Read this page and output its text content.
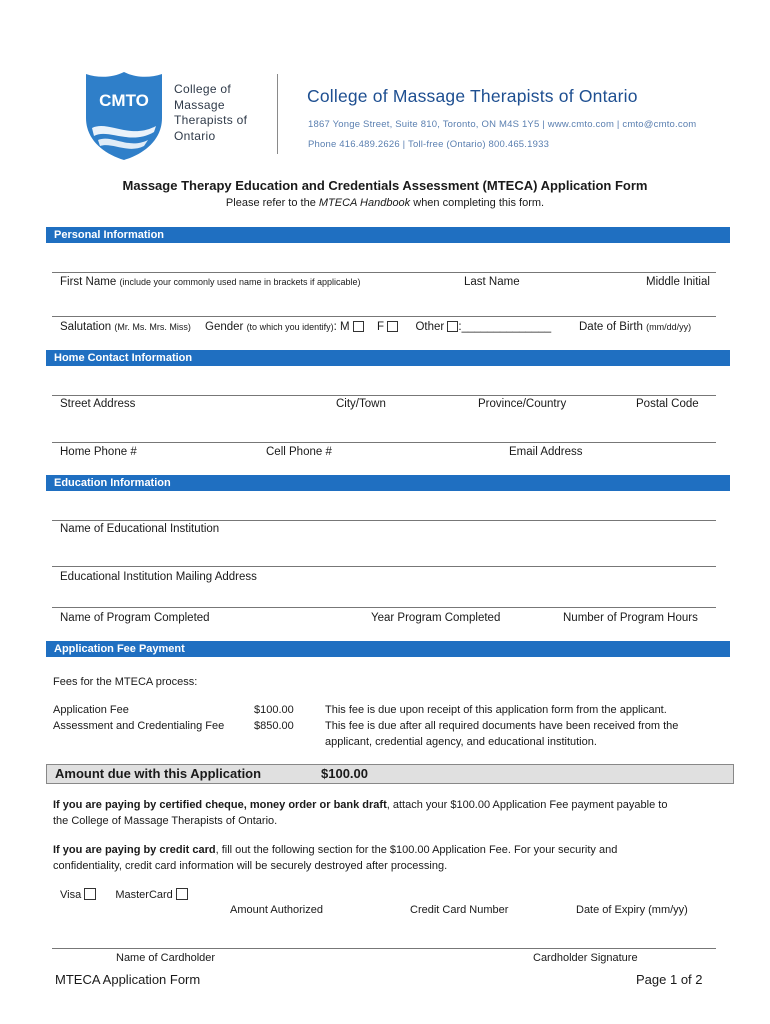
CMTO
College of
Massage
Therapists of
Ontario
College of Massage Therapists of Ontario
1867 Yonge Street, Suite 810, Toronto, ON M4S 1Y5 | www.cmto.com | cmto@cmto.com
Phone 416.489.2626 | Toll-free (Ontario) 800.465.1933
Massage Therapy Education and Credentials Assessment (MTECA) Application Form
Please refer to the MTECA Handbook when completing this form.
Personal Information
First Name (include your commonly used name in brackets if applicable)	Last Name	Middle Initial
Salutation (Mr. Ms. Mrs. Miss) Gender (to which you identify): M F	Other :______________ Date of Birth (mm/dd/yy)
Home Contact Information
Street Address	City/Town	Province/Country	Postal Code
Home Phone #	Cell Phone #	Email Address
Education Information
Name of Educational Institution
Educational Institution Mailing Address
Name of Program Completed	Year Program Completed	Number of Program Hours
Application Fee Payment
Fees for the MTECA process:
Application Fee	$100.00	This fee is due upon receipt of this application form from the applicant.
Assessment and Credentialing Fee	$850.00	This fee is due after all required documents have been received from the
applicant, credential agency, and educational institution.
Amount due with this Application	$100.00
If you are paying by certified cheque, money order or bank draft, attach your $100.00 Application Fee payment payable to
the College of Massage Therapists of Ontario.
If you are paying by credit card, fill out the following section for the $100.00 Application Fee. For your security and
confidentiality, credit card information will be securely destroyed after processing.
Visa	MasterCard
Amount Authorized	Credit Card Number	Date of Expiry (mm/yy)
Name of Cardholder	Cardholder Signature
MTECA Application Form	Page 1 of 2
